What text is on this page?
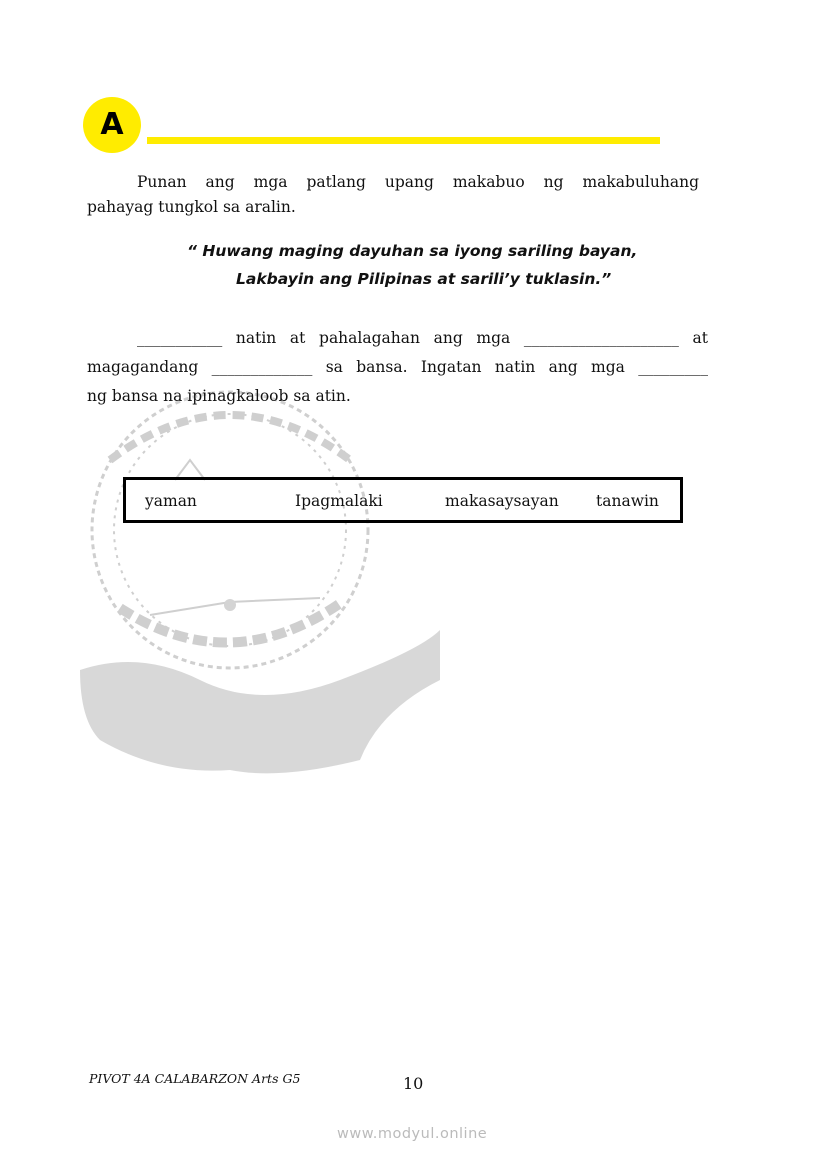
A
Punan ang mga patlang upang makabuo ng makabuluhang
pahayag tungkol sa aralin.
“ Huwang maging dayuhan sa iyong sariling bayan,
Lakbayin ang Pilipinas at sarili’y tuklasin.”
___________ natin at pahalagahan ang mga ____________________ at
magagandang _____________ sa bansa. Ingatan natin ang mga _________
ng bansa na ipinagkaloob sa atin.
yaman	Ipagmalaki	makasaysayan tanawin
PIVOT 4A CALABARZON Arts G5	10
www.modyul.online
